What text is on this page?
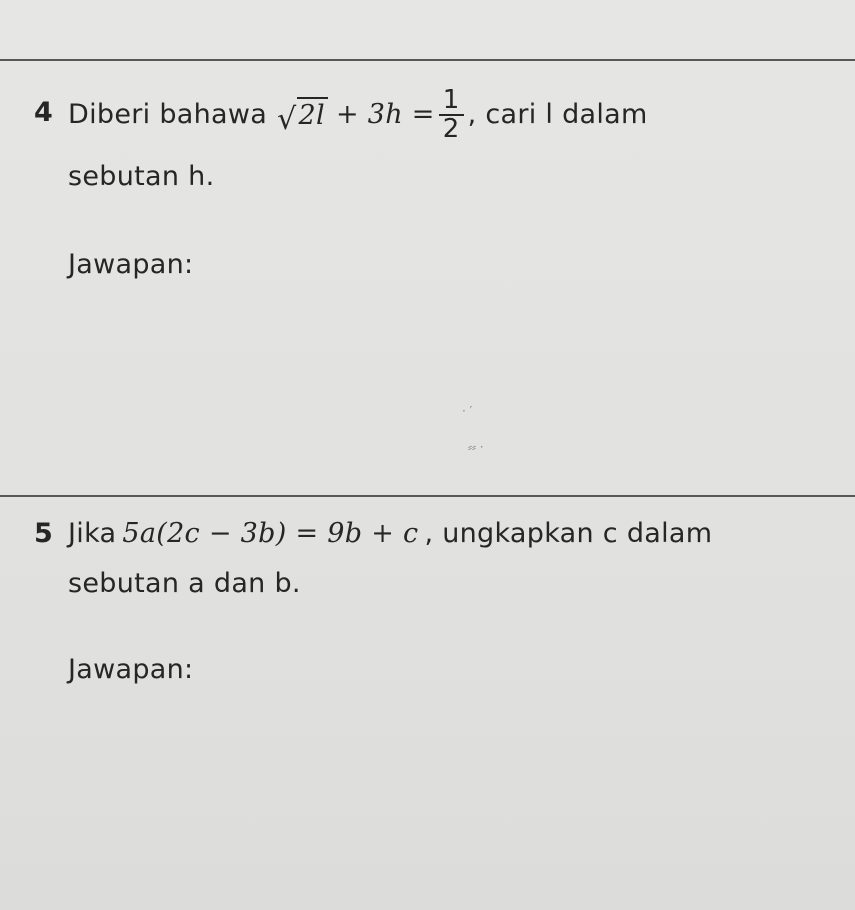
4 Diberi bahawa √ $2l + 3h = \frac{1}{2}$ , cari l dalam
sebutan h.
Jawapan:
· ′
⸗⸗ ·
5 Jika 5a(2c − 3b) = 9b + c , ungkapkan c dalam
sebutan a dan b.
Jawapan:
